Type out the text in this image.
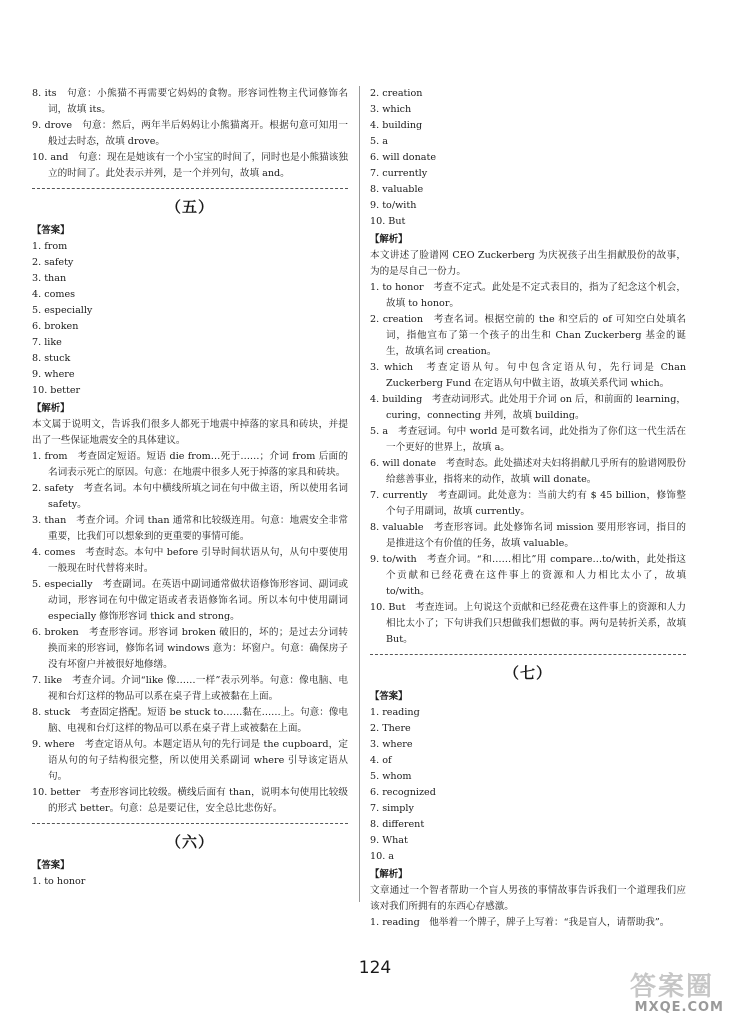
8. its　句意：小熊猫不再需要它妈妈的食物。形容词性物主代词修饰名词，故填 its。
9. drove　句意：然后，两年半后妈妈让小熊猫离开。根据句意可知用一般过去时态，故填 drove。
10. and　句意：现在是她该有一个小宝宝的时间了，同时也是小熊猫该独立的时间了。此处表示并列，是一个并列句，故填 and。
（五）
【答案】
1. from
2. safety
3. than
4. comes
5. especially
6. broken
7. like
8. stuck
9. where
10. better
【解析】
本文属于说明文，告诉我们很多人都死于地震中掉落的家具和砖块，并提出了一些保证地震安全的具体建议。
1. from　考查固定短语。短语 die from…死于……；介词 from 后面的名词表示死亡的原因。句意：在地震中很多人死于掉落的家具和砖块。
2. safety　考查名词。本句中横线所填之词在句中做主语，所以使用名词 safety。
3. than　考查介词。介词 than 通常和比较级连用。句意：地震安全非常重要，比我们可以想象到的更重要的事情可能。
4. comes　考查时态。本句中 before 引导时间状语从句，从句中要使用一般现在时代替将来时。
5. especially　考查副词。在英语中副词通常做状语修饰形容词、副词或动词，形容词在句中做定语或者表语修饰名词。所以本句中使用副词 especially 修饰形容词 thick and strong。
6. broken　考查形容词。形容词 broken 破旧的，坏的；是过去分词转换而来的形容词，修饰名词 windows 意为：坏窗户。句意：确保房子没有坏窗户并被很好地修缮。
7. like　考查介词。介词“like 像……一样”表示列举。句意：像电脑、电视和台灯这样的物品可以系在桌子背上或被黏在上面。
8. stuck　考查固定搭配。短语 be stuck to……黏在……上。句意：像电脑、电视和台灯这样的物品可以系在桌子背上或被黏在上面。
9. where　考查定语从句。本题定语从句的先行词是 the cupboard，定语从句的句子结构很完整，所以使用关系副词 where 引导该定语从句。
10. better　考查形容词比较级。横线后面有 than，说明本句使用比较级的形式 better。句意：总是要记住，安全总比悲伤好。
（六）
【答案】
1. to honor
2. creation
3. which
4. building
5. a
6. will donate
7. currently
8. valuable
9. to/with
10. But
【解析】
本文讲述了脸谱网 CEO Zuckerberg 为庆祝孩子出生捐献股份的故事，为的是尽自己一份力。
1. to honor　考查不定式。此处是不定式表目的，指为了纪念这个机会，故填 to honor。
2. creation　考查名词。根据空前的 the 和空后的 of 可知空白处填名词，指他宣布了第一个孩子的出生和 Chan Zuckerberg 基金的诞生，故填名词 creation。
3. which　考查定语从句。句中包含定语从句，先行词是 Chan Zuckerberg Fund 在定语从句中做主语，故填关系代词 which。
4. building　考查动词形式。此处用于介词 on 后，和前面的 learning，curing，connecting 并列，故填 building。
5. a　考查冠词。句中 world 是可数名词，此处指为了你们这一代生活在一个更好的世界上，故填 a。
6. will donate　考查时态。此处描述对夫妇将捐献几乎所有的脸谱网股份给慈善事业，指将来的动作，故填 will donate。
7. currently　考查副词。此处意为：当前大约有 $ 45 billion，修饰整个句子用副词，故填 currently。
8. valuable　考查形容词。此处修饰名词 mission 要用形容词，指目的是推进这个有价值的任务，故填 valuable。
9. to/with　考查介词。“和……相比”用 compare…to/with，此处指这个贡献和已经花费在这件事上的资源和人力相比太小了，故填 to/with。
10. But　考查连词。上句说这个贡献和已经花费在这件事上的资源和人力相比太小了；下句讲我们只想做我们想做的事。两句是转折关系，故填 But。
（七）
【答案】
1. reading
2. There
3. where
4. of
5. whom
6. recognized
7. simply
8. different
9. What
10. a
【解析】
文章通过一个智者帮助一个盲人男孩的事情故事告诉我们一个道理我们应该对我们所拥有的东西心存感激。
1. reading　他举着一个牌子，牌子上写着：“我是盲人，请帮助我”。
124
答案圈
MXQE.COM
